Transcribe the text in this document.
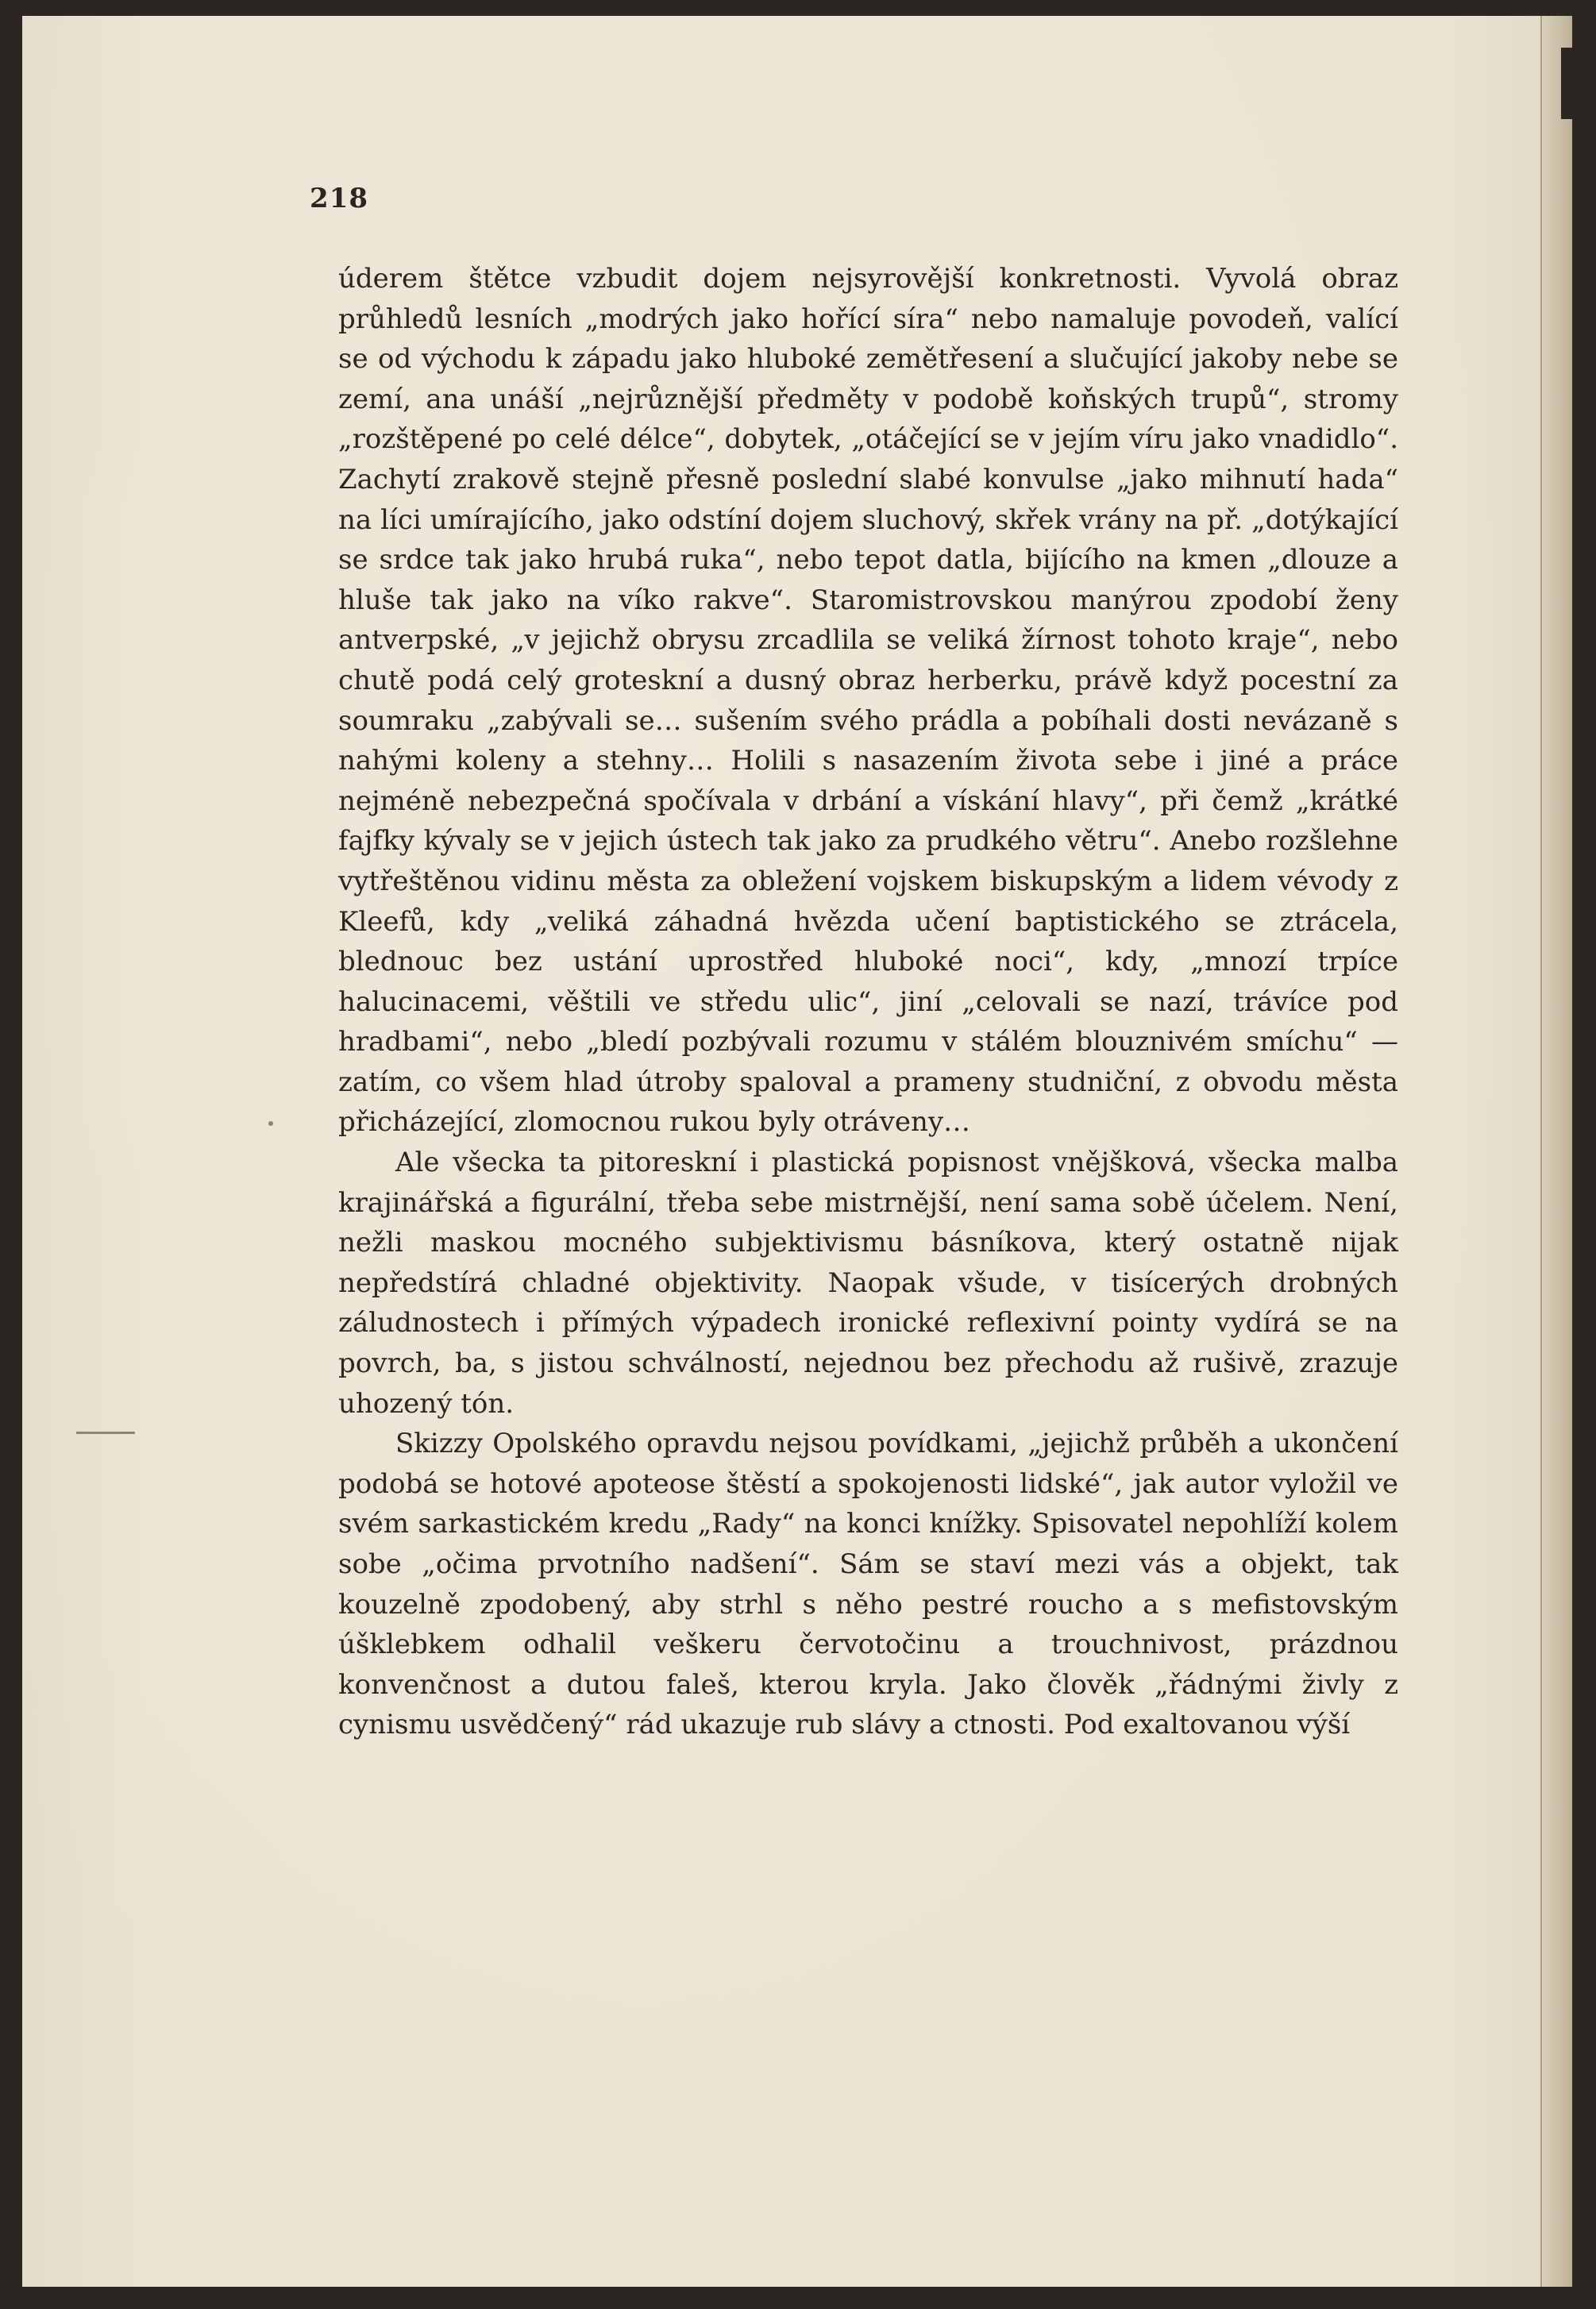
218

úderem štětce vzbudit dojem nejsyrovější konkretnosti. Vyvolá obraz průhledů lesních „modrých jako hořící síra“ nebo namaluje povodeň, valící se od východu k západu jako hluboké zemětřesení a slučující jakoby nebe se zemí, ana unáší „nejrůznější předměty v podobě koňských trupů“, stromy „rozštěpené po celé délce“, dobytek, „otáčející se v jejím víru jako vnadidlo“. Zachytí zrakově stejně přesně poslední slabé konvulse „jako mihnutí hada“ na líci umírajícího, jako odstíní dojem sluchový, skřek vrány na př. „dotýkající se srdce tak jako hrubá ruka“, nebo tepot datla, bijícího na kmen „dlouze a hluše tak jako na víko rakve“. Staromistrovskou manýrou zpodobí ženy antverpské, „v jejichž obrysu zrcadlila se veliká žírnost tohoto kraje“, nebo chutě podá celý groteskní a dusný obraz herberku, právě když pocestní za soumraku „zabývali se… sušením svého prádla a pobíhali dosti nevázaně s nahými koleny a stehny… Holili s nasazením života sebe i jiné a práce nejméně nebezpečná spočívala v drbání a vískání hlavy“, při čemž „krátké fajfky kývaly se v jejich ústech tak jako za prudkého větru“. Anebo rozšlehne vytřeštěnou vidinu města za obležení vojskem biskupským a lidem vévody z Kleefů, kdy „veliká záhadná hvězda učení baptistického se ztrácela, blednouc bez ustání uprostřed hluboké noci“, kdy, „mnozí trpíce halucinacemi, věštili ve středu ulic“, jiní „celovali se nazí, trávíce pod hradbami“, nebo „bledí pozbývali rozumu v stálém blouznivém smíchu“ — zatím, co všem hlad útroby spaloval a prameny studniční, z obvodu města přicházející, zlomocnou rukou byly otráveny…

Ale všecka ta pitoreskní i plastická popisnost vnějšková, všecka malba krajinářská a figurální, třeba sebe mistrnější, není sama sobě účelem. Není, nežli maskou mocného subjektivismu básníkova, který ostatně nijak nepředstírá chladné objektivity. Naopak všude, v tisícerých drobných záludnostech i přímých výpadech ironické reflexivní pointy vydírá se na povrch, ba, s jistou schválností, nejednou bez přechodu až rušivě, zrazuje uhozený tón.

Skizzy Opolského opravdu nejsou povídkami, „jejichž průběh a ukončení podobá se hotové apoteose štěstí a spokojenosti lidské“, jak autor vyložil ve svém sarkastickém kredu „Rady“ na konci knížky. Spisovatel nepohlíží kolem sobe „očima prvotního nadšení“. Sám se staví mezi vás a objekt, tak kouzelně zpodobený, aby strhl s něho pestré roucho a s mefistovským úšklebkem odhalil veškeru červotočinu a trouchnivost, prázdnou konvenčnost a dutou faleš, kterou kryla. Jako člověk „řádnými živly z cynismu usvědčený“ rád ukazuje rub slávy a ctnosti. Pod exaltovanou výší
